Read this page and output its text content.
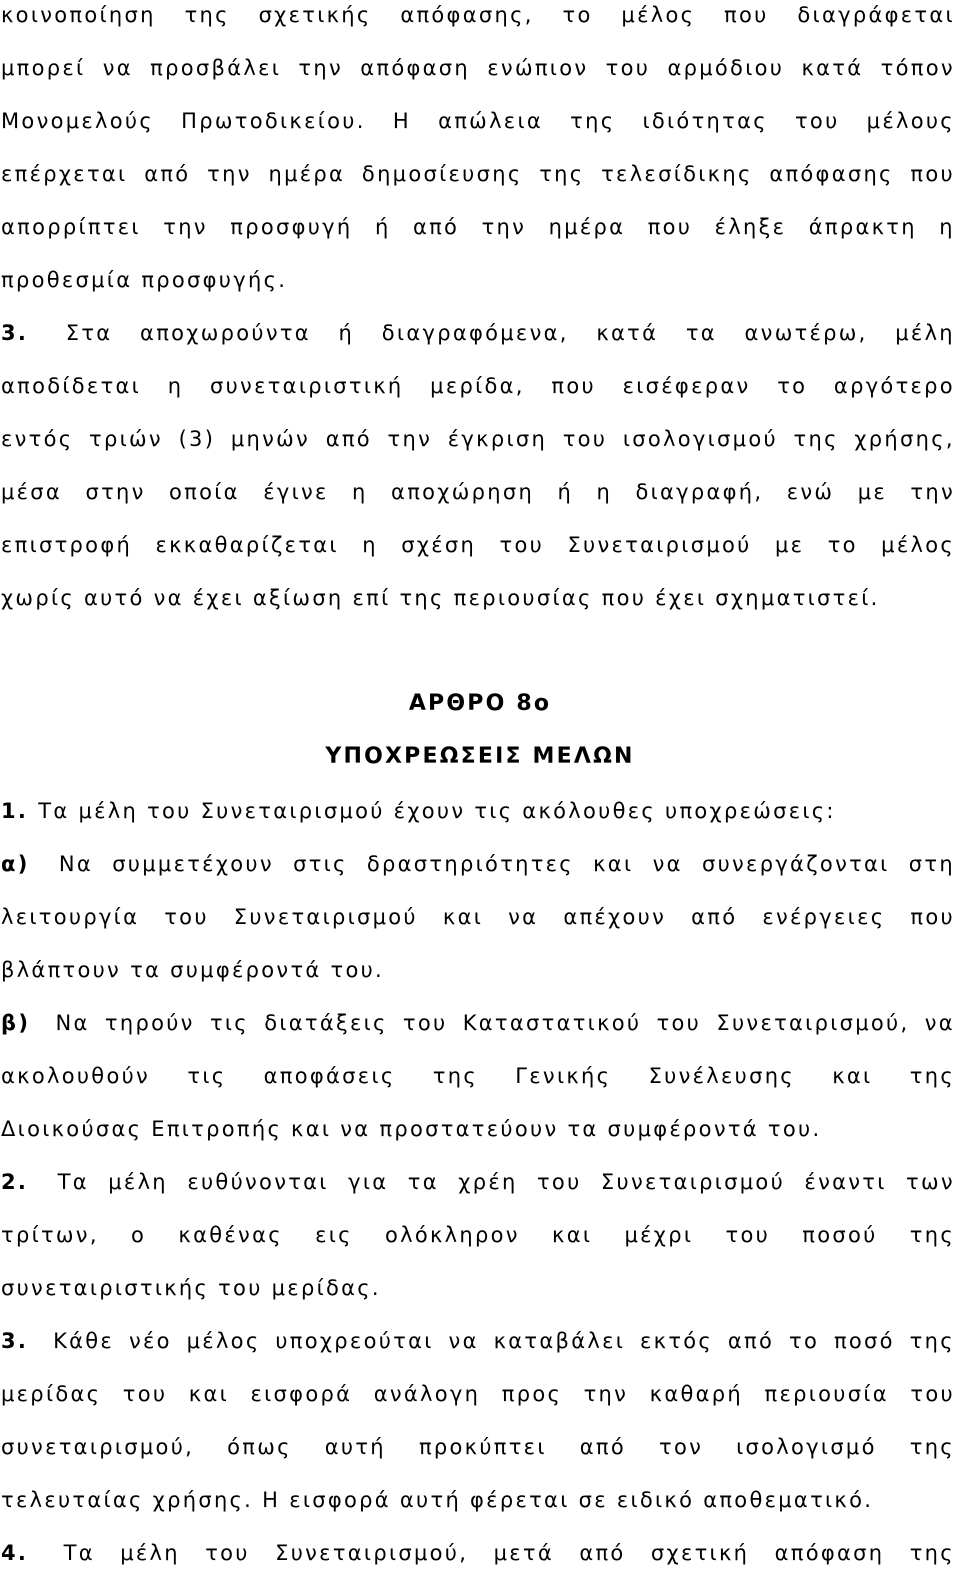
κοινοποίηση της σχετικής απόφασης, το μέλος που διαγράφεται
μπορεί να προσβάλει την απόφαση ενώπιον του αρμόδιου κατά τόπον
Μονομελούς Πρωτοδικείου. Η απώλεια της ιδιότητας του μέλους
επέρχεται από την ημέρα δημοσίευσης της τελεσίδικης απόφασης που
απορρίπτει την προσφυγή ή από την ημέρα που έληξε άπρακτη η
προθεσμία προσφυγής.
3. Στα αποχωρούντα ή διαγραφόμενα, κατά τα ανωτέρω, μέλη
αποδίδεται η συνεταιριστική μερίδα, που εισέφεραν το αργότερο
εντός τριών (3) μηνών από την έγκριση του ισολογισμού της χρήσης,
μέσα στην οποία έγινε η αποχώρηση ή η διαγραφή, ενώ με την
επιστροφή εκκαθαρίζεται η σχέση του Συνεταιρισμού με το μέλος
χωρίς αυτό να έχει αξίωση επί της περιουσίας που έχει σχηματιστεί.
ΑΡΘΡΟ 8ο
ΥΠΟΧΡΕΩΣΕΙΣ ΜΕΛΩΝ
1. Τα μέλη του Συνεταιρισμού έχουν τις ακόλουθες υποχρεώσεις:
α) Να συμμετέχουν στις δραστηριότητες και να συνεργάζονται στη
λειτουργία του Συνεταιρισμού και να απέχουν από ενέργειες που
βλάπτουν τα συμφέροντά του.
β) Να τηρούν τις διατάξεις του Καταστατικού του Συνεταιρισμού, να
ακολουθούν τις αποφάσεις της Γενικής Συνέλευσης και της
Διοικούσας Επιτροπής και να προστατεύουν τα συμφέροντά του.
2. Τα μέλη ευθύνονται για τα χρέη του Συνεταιρισμού έναντι των
τρίτων, ο καθένας εις ολόκληρον και μέχρι του ποσού της
συνεταιριστικής του μερίδας.
3. Κάθε νέο μέλος υποχρεούται να καταβάλει εκτός από το ποσό της
μερίδας του και εισφορά ανάλογη προς την καθαρή περιουσία του
συνεταιρισμού, όπως αυτή προκύπτει από τον ισολογισμό της
τελευταίας χρήσης. Η εισφορά αυτή φέρεται σε ειδικό αποθεματικό.
4. Τα μέλη του Συνεταιρισμού, μετά από σχετική απόφαση της
